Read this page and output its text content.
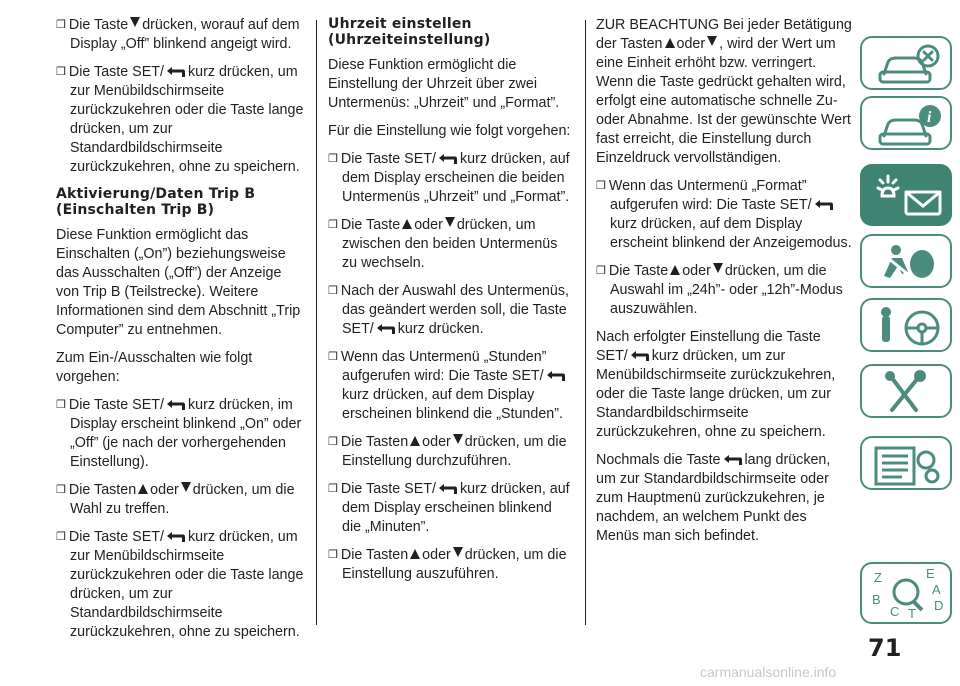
❒ Die Taste drücken, worauf auf dem Display „Off” blinkend angeigt wird.
❒ Die Taste SET/ kurz drücken, um zur Menübildschirmseite zurückzukehren oder die Taste lange drücken, um zur Standardbildschirmseite zurückzukehren, ohne zu speichern.
Aktivierung/Daten Trip B (Einschalten Trip B)
Diese Funktion ermöglicht das Einschalten („On”) beziehungsweise das Ausschalten („Off”) der Anzeige von Trip B (Teilstrecke). Weitere Informationen sind dem Abschnitt „Trip Computer” zu entnehmen.
Zum Ein-/Ausschalten wie folgt vorgehen:
❒ Die Taste SET/ kurz drücken, im Display erscheint blinkend „On” oder „Off” (je nach der vorhergehenden Einstellung).
❒ Die Tasten oder drücken, um die Wahl zu treffen.
❒ Die Taste SET/ kurz drücken, um zur Menübildschirmseite zurückzukehren oder die Taste lange drücken, um zur Standardbildschirmseite zurückzukehren, ohne zu speichern.
Uhrzeit einstellen (Uhrzeiteinstellung)
Diese Funktion ermöglicht die Einstellung der Uhrzeit über zwei Untermenüs: „Uhrzeit” und „Format”.
Für die Einstellung wie folgt vorgehen:
❒ Die Taste SET/ kurz drücken, auf dem Display erscheinen die beiden Untermenüs „Uhrzeit” und „Format”.
❒ Die Taste oder drücken, um zwischen den beiden Untermenüs zu wechseln.
❒ Nach der Auswahl des Untermenüs, das geändert werden soll, die Taste SET/ kurz drücken.
❒ Wenn das Untermenü „Stunden” aufgerufen wird: Die Taste SET/kurz drücken, auf dem Display erscheinen blinkend die „Stunden”.
❒ Die Tasten oder drücken, um die Einstellung durchzuführen.
❒ Die Taste SET/ kurz drücken, auf dem Display erscheinen blinkend die „Minuten”.
❒ Die Tasten oder drücken, um die Einstellung auszuführen.
ZUR BEACHTUNG Bei jeder Betätigung der Tasten oder , wird der Wert um eine Einheit erhöht bzw. verringert. Wenn die Taste gedrückt gehalten wird, erfolgt eine automatische schnelle Zu- oder Abnahme. Ist der gewünschte Wert fast erreicht, die Einstellung durch Einzeldruck vervollständigen.
❒ Wenn das Untermenü „Format” aufgerufen wird: Die Taste SET/kurz drücken, auf dem Display erscheint blinkend der Anzeigemodus.
❒ Die Taste oder drücken, um die Auswahl im „24h”- oder „12h”-Modus auszuwählen.
Nach erfolgter Einstellung die Taste SET/ kurz drücken, um zur Menübildschirmseite zurückzukehren, oder die Taste lange drücken, um zur Standardbildschirmseite zurückzukehren, ohne zu speichern.
Nochmals die Taste lang drücken, um zur Standardbildschirmseite oder zum Hauptmenü zurückzukehren, je nachdem, an welchem Punkt des Menüs man sich befindet.
i
Z	E
A
B
C	D
T
71
carmanualsonline.info
